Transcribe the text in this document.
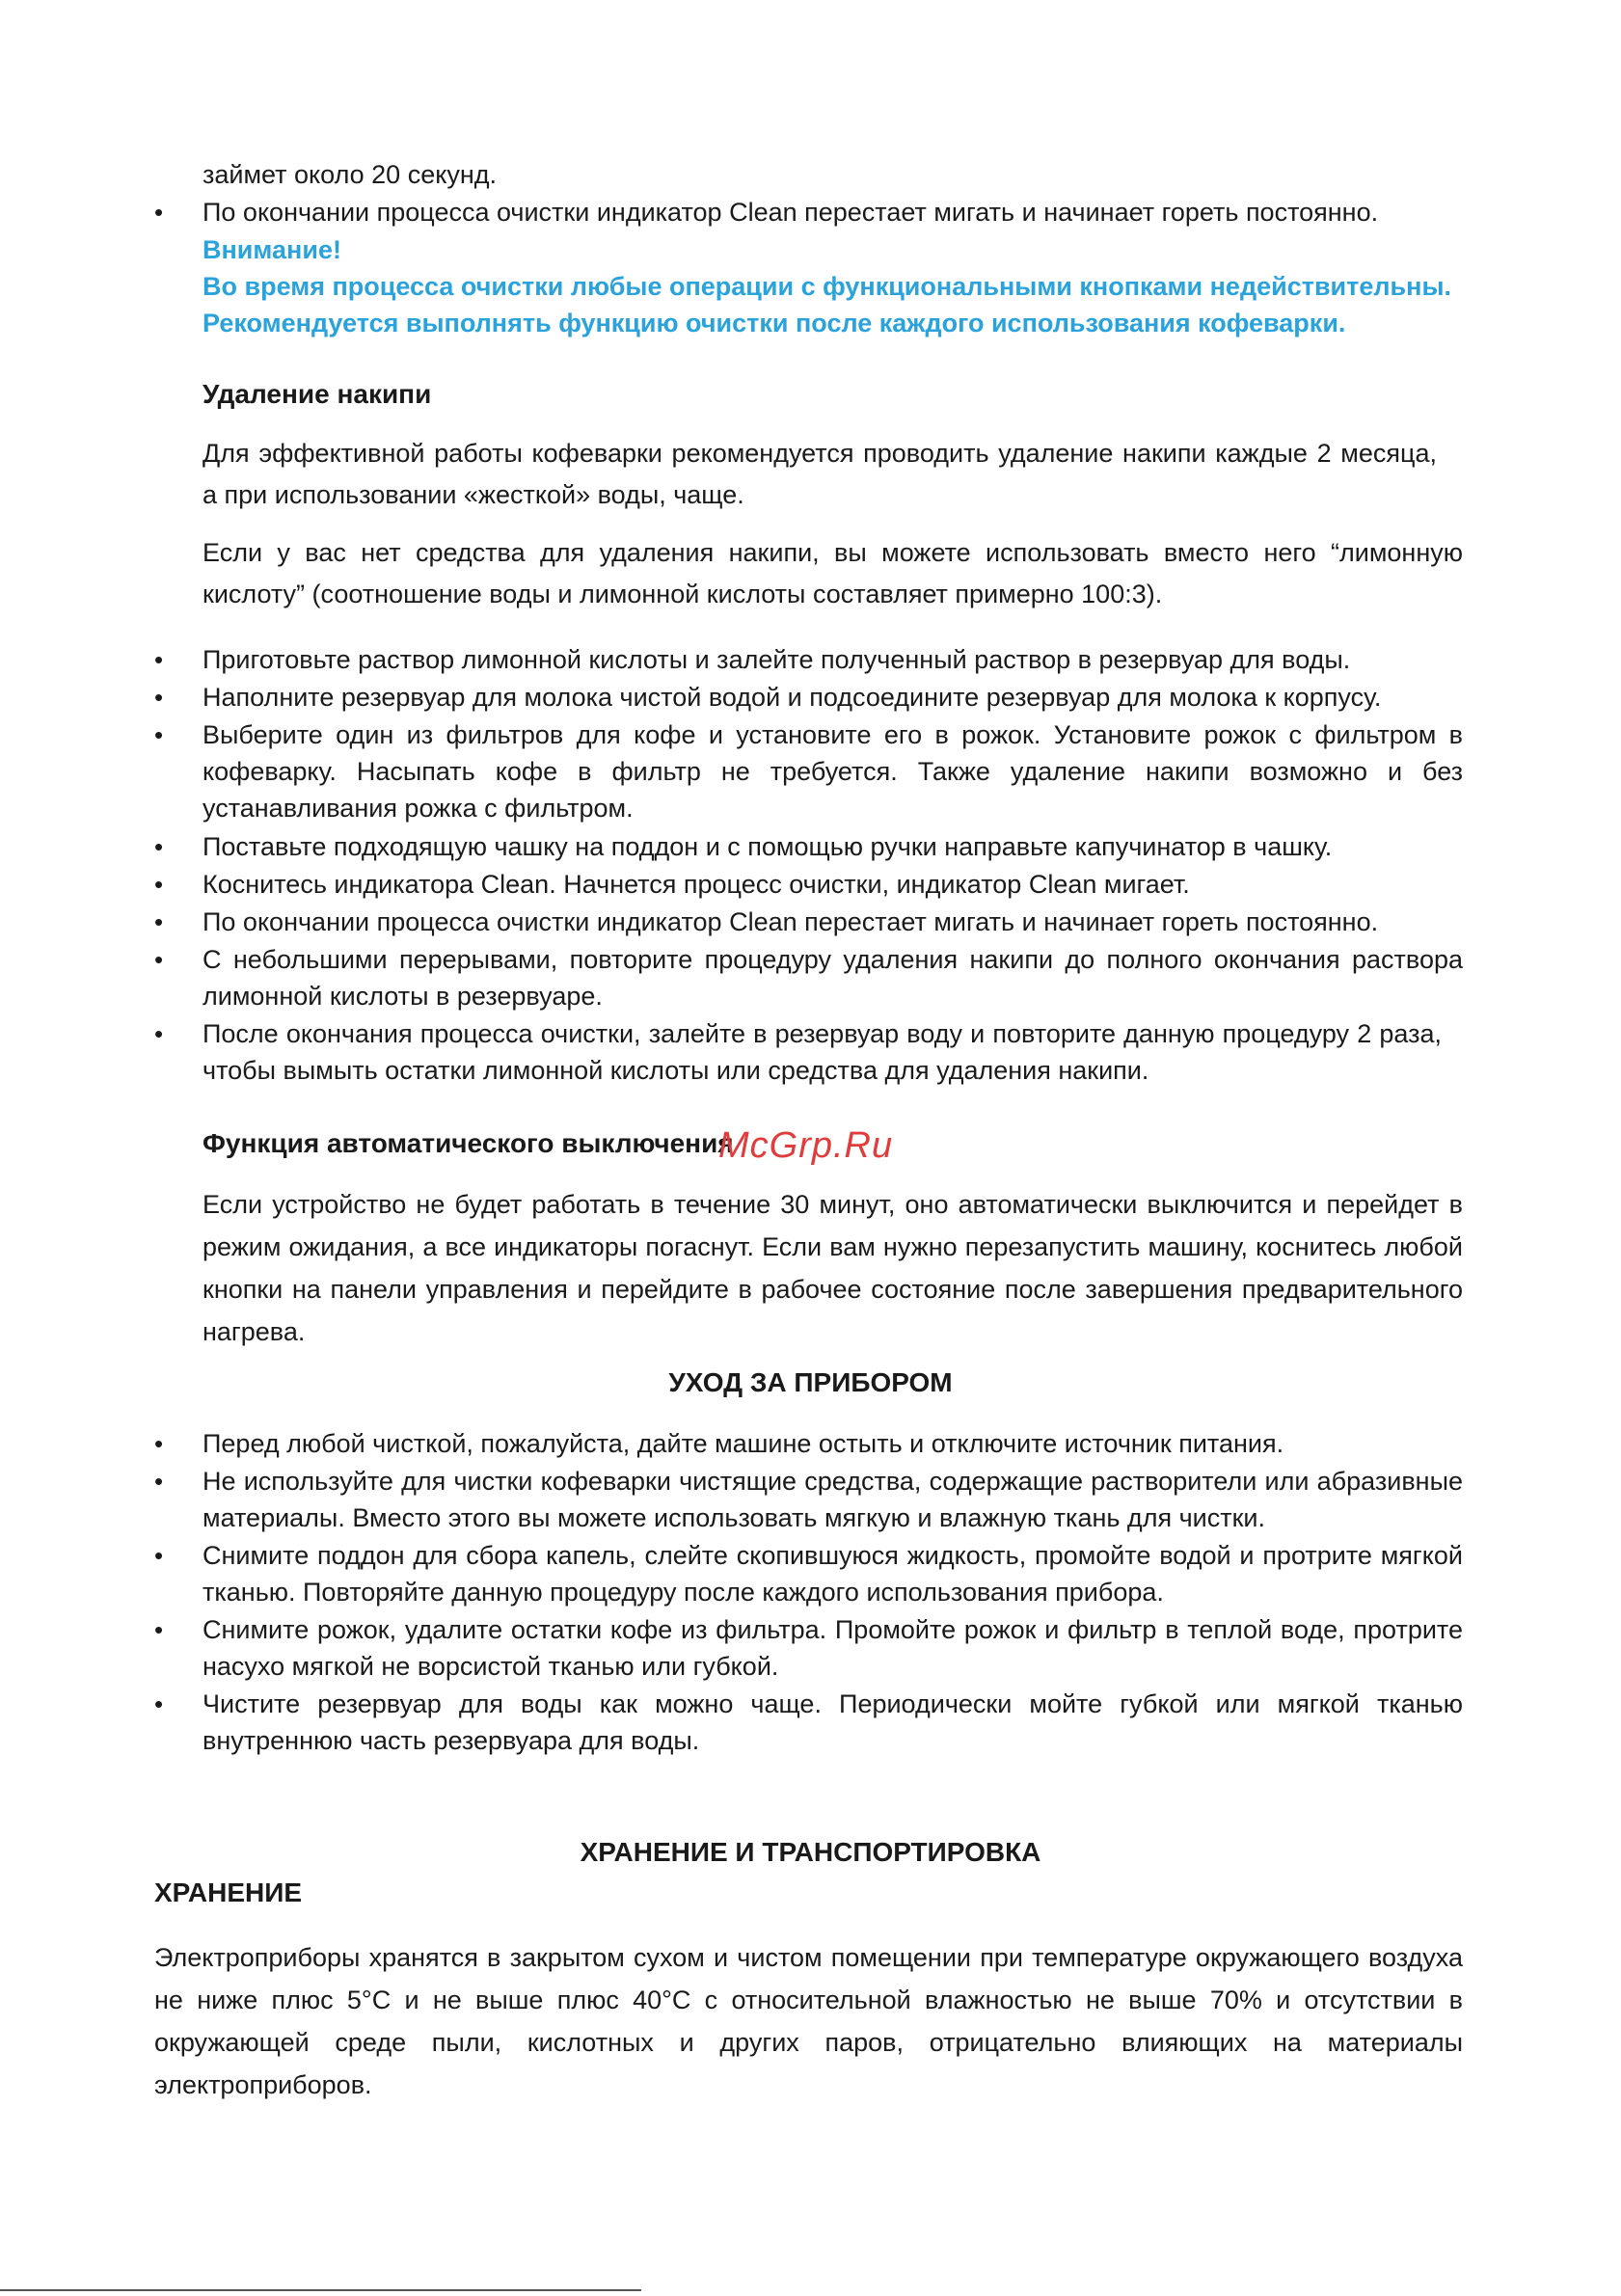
займет около 20 секунд.
• По окончании процесса очистки индикатор Clean перестает мигать и начинает гореть постоянно.
Внимание!
Во время процесса очистки любые операции с функциональными кнопками недействительны.
Рекомендуется выполнять функцию очистки после каждого использования кофеварки.
Удаление накипи
Для эффективной работы кофеварки рекомендуется проводить удаление накипи каждые 2 месяца, а при использовании «жесткой» воды, чаще.
Если у вас нет средства для удаления накипи, вы можете использовать вместо него “лимонную кислоту” (соотношение воды и лимонной кислоты составляет примерно 100:3).
• Приготовьте раствор лимонной кислоты и залейте полученный раствор в резервуар для воды.
• Наполните резервуар для молока чистой водой и подсоедините резервуар для молока к корпусу.
• Выберите один из фильтров для кофе и установите его в рожок. Установите рожок с фильтром в кофеварку. Насыпать кофе в фильтр не требуется. Также удаление накипи возможно и без устанавливания рожка с фильтром.
• Поставьте подходящую чашку на поддон и с помощью ручки направьте капучинатор в чашку.
• Коснитесь индикатора Clean. Начнется процесс очистки, индикатор Clean мигает.
• По окончании процесса очистки индикатор Clean перестает мигать и начинает гореть постоянно.
• С небольшими перерывами, повторите процедуру удаления накипи до полного окончания раствора лимонной кислоты в резервуаре.
• После окончания процесса очистки, залейте в резервуар воду и повторите данную процедуру 2 раза, чтобы вымыть остатки лимонной кислоты или средства для удаления накипи.
Функция автоматического выключения
McGrp.Ru
Если устройство не будет работать в течение 30 минут, оно автоматически выключится и перейдет в режим ожидания, а все индикаторы погаснут. Если вам нужно перезапустить машину, коснитесь любой кнопки на панели управления и перейдите в рабочее состояние после завершения предварительного нагрева.
УХОД ЗА ПРИБОРОМ
• Перед любой чисткой, пожалуйста, дайте машине остыть и отключите источник питания.
• Не используйте для чистки кофеварки чистящие средства, содержащие растворители или абразивные материалы. Вместо этого вы можете использовать мягкую и влажную ткань для чистки.
• Снимите поддон для сбора капель, слейте скопившуюся жидкость, промойте водой и протрите мягкой тканью. Повторяйте данную процедуру после каждого использования прибора.
• Снимите рожок, удалите остатки кофе из фильтра. Промойте рожок и фильтр в теплой воде, протрите насухо мягкой не ворсистой тканью или губкой.
• Чистите резервуар для воды как можно чаще. Периодически мойте губкой или мягкой тканью внутреннюю часть резервуара для воды.
ХРАНЕНИЕ И ТРАНСПОРТИРОВКА
ХРАНЕНИЕ
Электроприборы хранятся в закрытом сухом и чистом помещении при температуре окружающего воздуха не ниже плюс 5°С и не выше плюс 40°С с относительной влажностью не выше 70% и отсутствии в окружающей среде пыли, кислотных и других паров, отрицательно влияющих на материалы электроприборов.
